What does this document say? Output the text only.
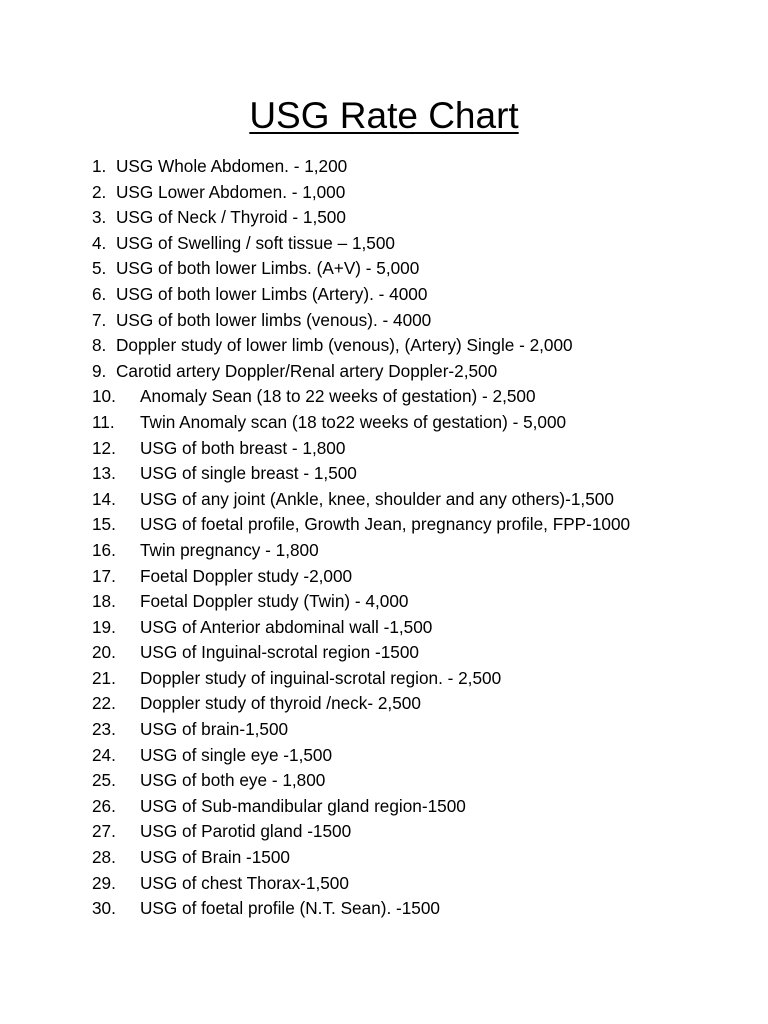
USG Rate Chart
1. USG Whole Abdomen. - 1,200
2. USG Lower Abdomen. - 1,000
3. USG of Neck / Thyroid - 1,500
4. USG of Swelling / soft tissue – 1,500
5. USG of both lower Limbs. (A+V) - 5,000
6. USG of both lower Limbs (Artery). - 4000
7. USG of both lower limbs (venous). - 4000
8. Doppler study of lower limb (venous), (Artery) Single - 2,000
9. Carotid artery Doppler/Renal artery Doppler-2,500
10. Anomaly Sean (18 to 22 weeks of gestation) - 2,500
11. Twin Anomaly scan (18 to22 weeks of gestation) - 5,000
12. USG of both breast - 1,800
13. USG of single breast - 1,500
14. USG of any joint (Ankle, knee, shoulder and any others)-1,500
15. USG of foetal profile, Growth Jean, pregnancy profile, FPP-1000
16. Twin pregnancy - 1,800
17. Foetal Doppler study -2,000
18. Foetal Doppler study (Twin) - 4,000
19. USG of Anterior abdominal wall -1,500
20. USG of Inguinal-scrotal region -1500
21. Doppler study of inguinal-scrotal region. - 2,500
22. Doppler study of thyroid /neck- 2,500
23. USG of brain-1,500
24. USG of single eye -1,500
25. USG of both eye - 1,800
26. USG of Sub-mandibular gland region-1500
27. USG of Parotid gland -1500
28. USG of Brain -1500
29. USG of chest Thorax-1,500
30. USG of foetal profile (N.T. Sean). -1500
